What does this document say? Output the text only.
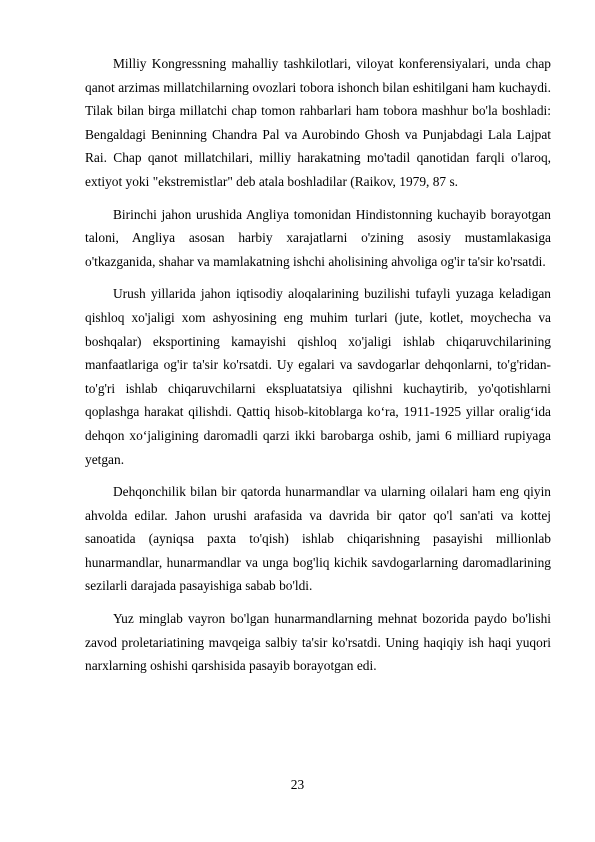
Milliy Kongressning mahalliy tashkilotlari, viloyat konferensiyalari, unda chap qanot arzimas millatchilarning ovozlari tobora ishonch bilan eshitilgani ham kuchaydi. Tilak bilan birga millatchi chap tomon rahbarlari ham tobora mashhur bo'la boshladi: Bengaldagi Beninning Chandra Pal va Aurobindo Ghosh va Punjabdagi Lala Lajpat Rai. Chap qanot millatchilari, milliy harakatning mo'tadil qanotidan farqli o'laroq, extiyot yoki "ekstremistlar" deb atala boshladilar (Raikov, 1979, 87 s.

Birinchi jahon urushida Angliya tomonidan Hindistonning kuchayib borayotgan taloni, Angliya asosan harbiy xarajatlarni o'zining asosiy mustamlakasiga o'tkazganida, shahar va mamlakatning ishchi aholisining ahvoliga og'ir ta'sir ko'rsatdi.

Urush yillarida jahon iqtisodiy aloqalarining buzilishi tufayli yuzaga keladigan qishloq xo'jaligi xom ashyosining eng muhim turlari (jute, kotlet, moychecha va boshqalar) eksportining kamayishi qishloq xo'jaligi ishlab chiqaruvchilarining manfaatlariga og'ir ta'sir ko'rsatdi. Uy egalari va savdogarlar dehqonlarni, to'g'ridan-to'g'ri ishlab chiqaruvchilarni ekspluatatsiya qilishni kuchaytirib, yo'qotishlarni qoplashga harakat qilishdi. Qattiq hisob-kitoblarga ko‘ra, 1911-1925 yillar oralig‘ida dehqon xo‘jaligining daromadli qarzi ikki barobarga oshib, jami 6 milliard rupiyaga yetgan.

Dehqonchilik bilan bir qatorda hunarmandlar va ularning oilalari ham eng qiyin ahvolda edilar. Jahon urushi arafasida va davrida bir qator qo'l san'ati va kottej sanoatida (ayniqsa paxta to'qish) ishlab chiqarishning pasayishi millionlab hunarmandlar, hunarmandlar va unga bog'liq kichik savdogarlarning daromadlarining sezilarli darajada pasayishiga sabab bo'ldi.

Yuz minglab vayron bo'lgan hunarmandlarning mehnat bozorida paydo bo'lishi zavod proletariatining mavqeiga salbiy ta'sir ko'rsatdi. Uning haqiqiy ish haqi yuqori narxlarning oshishi qarshisida pasayib borayotgan edi.

23
